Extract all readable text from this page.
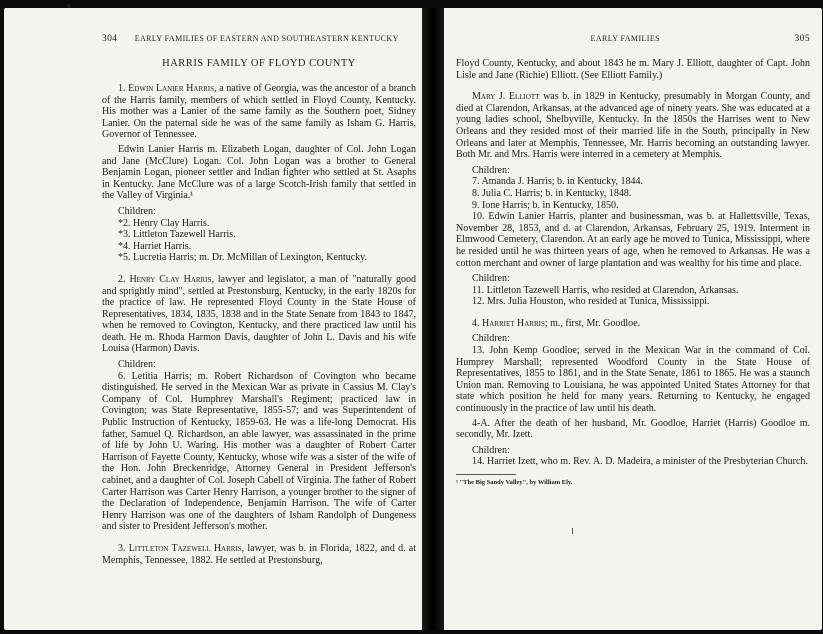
304 EARLY FAMILIES OF EASTERN AND SOUTHEASTERN KENTUCKY
HARRIS FAMILY OF FLOYD COUNTY

1. Edwin Lanier Harris, a native of Georgia, was the ancestor of a branch of the Harris family, members of which settled in Floyd County, Kentucky. His mother was a Lanier of the same family as the Southern poet, Sidney Lanier. On the paternal side he was of the same family as Isham G. Harris, Governor of Tennessee.

Edwin Lanier Harris m. Elizabeth Logan, daughter of Col. John Logan and Jane (McClure) Logan. Col. John Logan was a brother to General Benjamin Logan, pioneer settler and Indian fighter who settled at St. Asaphs in Kentucky. Jane McClure was of a large Scotch-Irish family that settled in the Valley of Virginia.¹

Children:

*2. Henry Clay Harris.

*3. Littleton Tazewell Harris.

*4. Harriet Harris.

*5. Lucretia Harris; m. Dr. McMillan of Lexington, Kentucky.

2. Henry Clay Harris, lawyer and legislator, a man of "naturally good and sprightly mind", settled at Prestonsburg, Kentucky, in the early 1820s for the practice of law. He represented Floyd County in the State House of Representatives, 1834, 1835, 1838 and in the State Senate from 1843 to 1847, when he removed to Covington, Kentucky, and there practiced law until his death. He m. Rhoda Harmon Davis, daughter of John L. Davis and his wife Louisa (Harmon) Davis.

Children:

6. Letitia Harris; m. Robert Richardson of Covington who became distinguished. He served in the Mexican War as private in Cassius M. Clay's Company of Col. Humphrey Marshall's Regiment; practiced law in Covington; was State Representative, 1855-57; and was Superintendent of Public Instruction of Kentucky, 1859-63. He was a life-long Democrat. His father, Samuel Q. Richardson, an able lawyer, was assassinated in the prime of life by John U. Waring. His mother was a daughter of Robert Carter Harrison of Fayette County, Kentucky, whose wife was a sister of the wife of the Hon. John Breckenridge, Attorney General in President Jefferson's cabinet, and a daughter of Col. Joseph Cabell of Virginia. The father of Robert Carter Harrison was Carter Henry Harrison, a younger brother to the signer of the Declaration of Independence, Benjamin Harrison. The wife of Carter Henry Harrison was one of the daughters of Isham Randolph of Dungeness and sister to President Jefferson's mother.

3. Littleton Tazewell Harris, lawyer, was b. in Florida, 1822, and d. at Memphis, Tennessee, 1882. He settled at Prestonsburg,

EARLY FAMILIES	305

Floyd County, Kentucky, and about 1843 he m. Mary J. Elliott, daughter of Capt. John Lisle and Jane (Richie) Elliott. (See Elliott Family.)

Mary J. Elliott was b. in 1829 in Kentucky, presumably in Morgan County, and died at Clarendon, Arkansas, at the advanced age of ninety years. She was educated at a young ladies school, Shelbyville, Kentucky. In the 1850s the Harrises went to New Orleans and they resided most of their married life in the South, principally in New Orleans and later at Memphis, Tennessee, Mr. Harris becoming an outstanding lawyer. Both Mr. and Mrs. Harris were interred in a cemetery at Memphis.

Children:

7. Amanda J. Harris; b. in Kentucky, 1844.

8. Julia C. Harris; b. in Kentucky, 1848.

9. Ione Harris; b. in Kentucky, 1850.

10. Edwin Lanier Harris, planter and businessman, was b. at Hallettsville, Texas, November 28, 1853, and d. at Clarendon, Arkansas, February 25, 1919. Interment in Elmwood Cemetery, Clarendon. At an early age he moved to Tunica, Mississippi, where he resided until he was thirteen years of age, when he removed to Arkansas. He was a cotton merchant and owner of large plantation and was wealthy for his time and place.

Children:

11. Littleton Tazewell Harris, who resided at Clarendon, Arkansas.

12. Mrs. Julia Houston, who resided at Tunica, Mississippi.

4. Harriet Harris; m., first, Mr. Goodloe.

Children:

13. John Kemp Goodloe; served in the Mexican War in the command of Col. Humprey Marshall; represented Woodford County in the State House of Representatives, 1855 to 1861, and in the State Senate, 1861 to 1865. He was a staunch Union man. Removing to Louisiana, he was appointed United States Attorney for that state which position he held for many years. Returning to Kentucky, he engaged continuously in the practice of law until his death.

4-A. After the death of her husband, Mr. Goodloe, Harriet (Harris) Goodloe m. secondly, Mr. Izett.

Children:

14. Harriet Izett, who m. Rev. A. D. Madeira, a minister of the Presbyterian Church.

¹ "The Big Sandy Valley", by William Ely.
